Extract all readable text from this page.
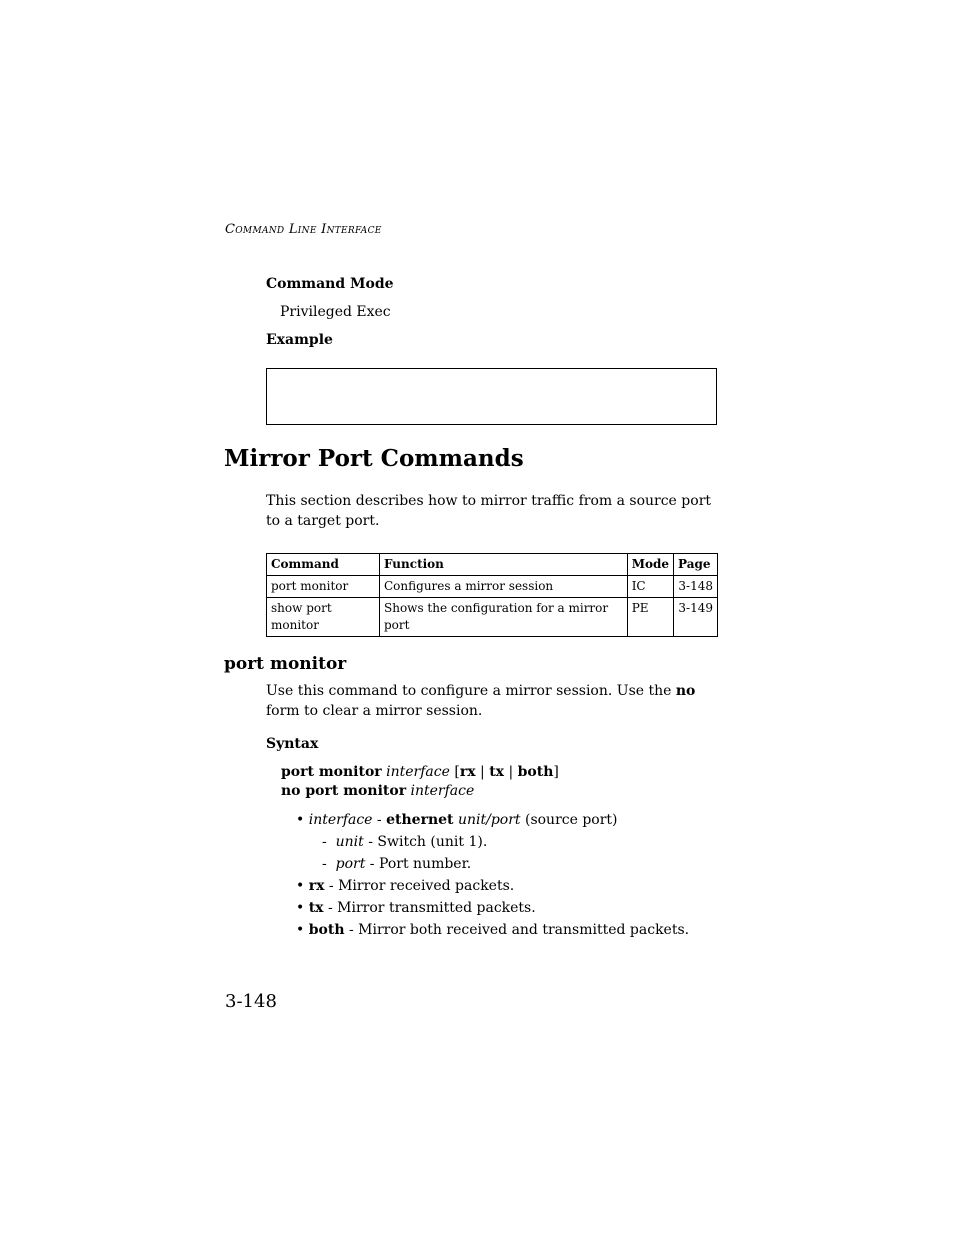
Command Line Interface
Command Mode
Privileged Exec
Example
Mirror Port Commands

This section describes how to mirror traffic from a source port to a target port.

Command	Function	Mode	Page
port monitor	Configures a mirror session	IC	3-148
show port monitor	Shows the configuration for a mirror port	PE	3-149
port monitor

Use this command to configure a mirror session. Use the no form to clear a mirror session.

Syntax
port monitor interface [rx | tx | both]
no port monitor interface
• interface - ethernet unit/port (source port)
-  unit - Switch (unit 1).
-  port - Port number.
• rx - Mirror received packets.
• tx - Mirror transmitted packets.
• both - Mirror both received and transmitted packets.
3-148
